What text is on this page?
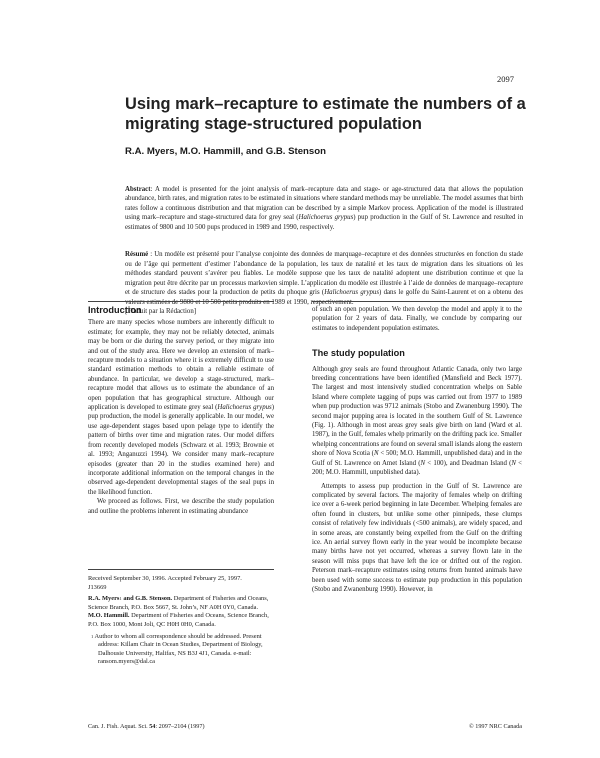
2097
Using mark–recapture to estimate the numbers of a migrating stage-structured population
R.A. Myers, M.O. Hammill, and G.B. Stenson
Abstract: A model is presented for the joint analysis of mark–recapture data and stage- or age-structured data that allows the population abundance, birth rates, and migration rates to be estimated in situations where standard methods may be unreliable. The model assumes that birth rates follow a continuous distribution and that migration can be described by a simple Markov process. Application of the model is illustrated using mark–recapture and stage-structured data for grey seal (Halichoerus grypus) pup production in the Gulf of St. Lawrence and resulted in estimates of 9800 and 10 500 pups produced in 1989 and 1990, respectively.
Résumé : Un modèle est présenté pour l’analyse conjointe des données de marquage–recapture et des données structurées en fonction du stade ou de l’âge qui permettent d’estimer l’abondance de la population, les taux de natalité et les taux de migration dans les situations où les méthodes standard peuvent s’avérer peu fiables. Le modèle suppose que les taux de natalité adoptent une distribution continue et que la migration peut être décrite par un processus markovien simple. L’application du modèle est illustrée à l’aide de données de marquage–recapture et de structure des stades pour la production de petits du phoque gris (Halichoerus grypus) dans le golfe du Saint-Laurent et on a obtenu des valeurs estimées de 9800 et 10 500 petits produits en 1989 et 1990, respectivement.
[Traduit par la Rédaction]
Introduction

There are many species whose numbers are inherently difficult to estimate; for example, they may not be reliably detected, animals may be born or die during the survey period, or they migrate into and out of the study area. Here we develop an extension of mark–recapture models to a situation where it is extremely difficult to use standard estimation methods to obtain a reliable estimate of abundance. In particular, we develop a stage-structured, mark–recapture model that allows us to estimate the abundance of an open population that has geographical structure. Although our application is developed to estimate grey seal (Halichoerus grypus) pup production, the model is generally applicable. In our model, we use age-dependent stages based upon pelage type to identify the pattern of births over time and migration rates. Our model differs from recently developed models (Schwarz et al. 1993; Brownie et al. 1993; Anganuzzi 1994). We consider many mark–recapture episodes (greater than 20 in the studies examined here) and incorporate additional information on the temporal changes in the observed age-dependent developmental stages of the seal pups in the likelihood function.

We proceed as follows. First, we describe the study population and outline the problems inherent in estimating abundance

Received September 30, 1996. Accepted February 25, 1997.

J13669

R.A. Myers$^1$ and G.B. Stenson. Department of Fisheries and Oceans, Science Branch, P.O. Box 5667, St. John’s, NF A0H 0Y0, Canada.

M.O. Hammill. Department of Fisheries and Oceans, Science Branch, P.O. Box 1000, Mont Joli, QC H0H 0H0, Canada.

$^1$ Author to whom all correspondence should be addressed. Present address: Killam Chair in Ocean Studies, Department of Biology, Dalhousie University, Halifax, NS B3J 4J1, Canada. e-mail: ransom.myers@dal.ca

of such an open population. We then develop the model and apply it to the population for 2 years of data. Finally, we conclude by comparing our estimates to independent population estimates.

The study population

Although grey seals are found throughout Atlantic Canada, only two large breeding concentrations have been identified (Mansfield and Beck 1977). The largest and most intensively studied concentration whelps on Sable Island where complete tagging of pups was carried out from 1977 to 1989 when pup production was 9712 animals (Stobo and Zwanenburg 1990). The second major pupping area is located in the southern Gulf of St. Lawrence (Fig. 1). Although in most areas grey seals give birth on land (Ward et al. 1987), in the Gulf, females whelp primarily on the drifting pack ice. Smaller whelping concentrations are found on several small islands along the eastern shore of Nova Scotia (N < 500; M.O. Hammill, unpublished data) and in the Gulf of St. Lawrence on Amet Island (N < 100), and Deadman Island (N < 200; M.O. Hammill, unpublished data).

Attempts to assess pup production in the Gulf of St. Lawrence are complicated by several factors. The majority of females whelp on drifting ice over a 6-week period beginning in late December. Whelping females are often found in clusters, but unlike some other pinnipeds, these clumps consist of relatively few individuals (<500 animals), are widely spaced, and in some areas, are constantly being expelled from the Gulf on the drifting ice. An aerial survey flown early in the year would be incomplete because many births have not yet occurred, whereas a survey flown late in the season will miss pups that have left the ice or drifted out of the region. Peterson mark–recapture estimates using returns from hunted animals have been used with some success to estimate pup production in this population (Stobo and Zwanenburg 1990). However, in

Can. J. Fish. Aquat. Sci. 54: 2097–2104 (1997)	© 1997 NRC Canada
